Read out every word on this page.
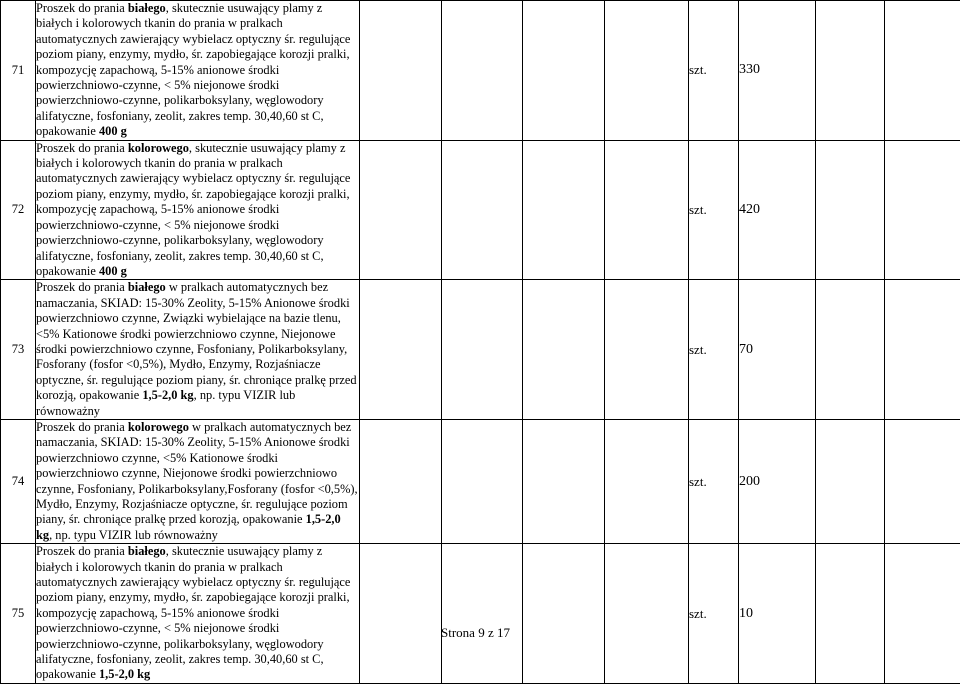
71	Proszek do prania białego, skutecznie usuwający plamy z białych i kolorowych tkanin do prania w pralkach automatycznych zawierający wybielacz optyczny śr. regulujące poziom piany, enzymy, mydło, śr. zapobiegające korozji pralki, kompozycję zapachową, 5-15% anionowe środki powierzchniowo-czynne, < 5% niejonowe środki powierzchniowo-czynne, polikarboksylany, węglowodory alifatyczne, fosfoniany, zeolit, zakres temp. 30,40,60 st C, opakowanie 400 g					szt.	330		
72	Proszek do prania kolorowego, skutecznie usuwający plamy z białych i kolorowych tkanin do prania w pralkach automatycznych zawierający wybielacz optyczny śr. regulujące poziom piany, enzymy, mydło, śr. zapobiegające korozji pralki, kompozycję zapachową, 5-15% anionowe środki powierzchniowo-czynne, < 5% niejonowe środki powierzchniowo-czynne, polikarboksylany, węglowodory alifatyczne, fosfoniany, zeolit, zakres temp. 30,40,60 st C, opakowanie 400 g					szt.	420		
73	Proszek do prania białego w pralkach automatycznych bez namaczania, SKIAD: 15-30% Zeolity, 5-15% Anionowe środki powierzchniowo czynne, Związki wybielające na bazie tlenu, <5% Kationowe środki powierzchniowo czynne, Niejonowe środki powierzchniowo czynne, Fosfoniany, Polikarboksylany, Fosforany (fosfor <0,5%), Mydło, Enzymy, Rozjaśniacze optyczne, śr. regulujące poziom piany, śr. chroniące pralkę przed korozją, opakowanie 1,5-2,0 kg, np. typu VIZIR lub równoważny					szt.	70		
74	Proszek do prania kolorowego w pralkach automatycznych bez namaczania, SKIAD: 15-30% Zeolity, 5-15% Anionowe środki powierzchniowo czynne, <5% Kationowe środki powierzchniowo czynne, Niejonowe środki powierzchniowo czynne, Fosfoniany, Polikarboksylany,Fosforany (fosfor <0,5%), Mydło, Enzymy, Rozjaśniacze optyczne, śr. regulujące poziom piany, śr. chroniące pralkę przed korozją, opakowanie 1,5-2,0 kg, np. typu VIZIR lub równoważny					szt.	200		
75	Proszek do prania białego, skutecznie usuwający plamy z białych i kolorowych tkanin do prania w pralkach automatycznych zawierający wybielacz optyczny śr. regulujące poziom piany, enzymy, mydło, śr. zapobiegające korozji pralki, kompozycję zapachową, 5-15% anionowe środki powierzchniowo-czynne, < 5% niejonowe środki powierzchniowo-czynne, polikarboksylany, węglowodory alifatyczne, fosfoniany, zeolit, zakres temp. 30,40,60 st C, opakowanie 1,5-2,0 kg					szt.	10		
Strona 9 z 17
